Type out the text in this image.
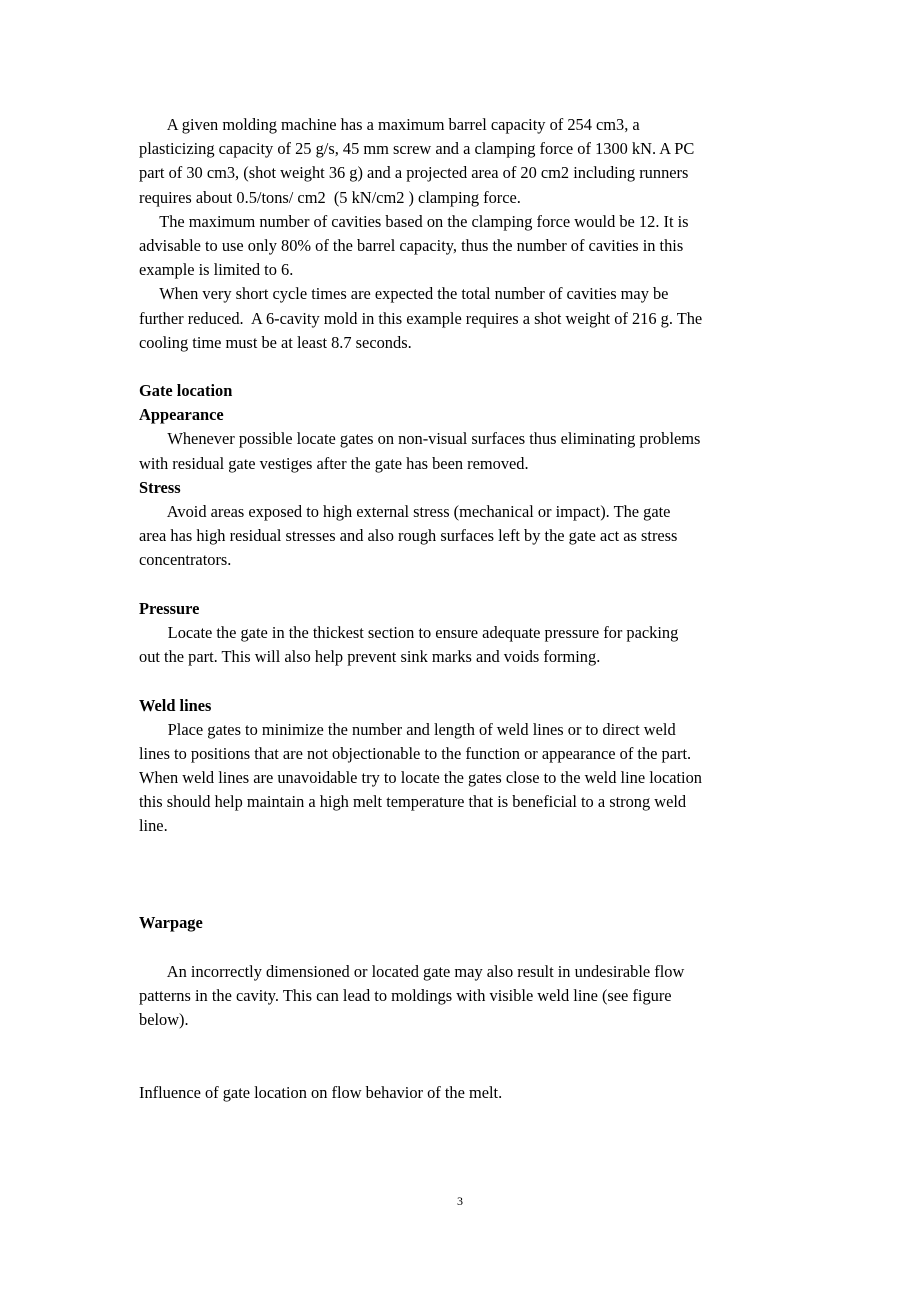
A given molding machine has a maximum barrel capacity of 254 cm3, a
plasticizing capacity of 25 g/s, 45 mm screw and a clamping force of 1300 kN. A PC
part of 30 cm3, (shot weight 36 g) and a projected area of 20 cm2 including runners
requires about 0.5/tons/ cm2  (5 kN/cm2 ) clamping force.
The maximum number of cavities based on the clamping force would be 12. It is
advisable to use only 80% of the barrel capacity, thus the number of cavities in this
example is limited to 6.
When very short cycle times are expected the total number of cavities may be
further reduced.  A 6-cavity mold in this example requires a shot weight of 216 g. The
cooling time must be at least 8.7 seconds.
Gate location
Appearance
Whenever possible locate gates on non-visual surfaces thus eliminating problems
with residual gate vestiges after the gate has been removed.
Stress
Avoid areas exposed to high external stress (mechanical or impact). The gate
area has high residual stresses and also rough surfaces left by the gate act as stress
concentrators.
Pressure
Locate the gate in the thickest section to ensure adequate pressure for packing
out the part. This will also help prevent sink marks and voids forming.
Weld lines
Place gates to minimize the number and length of weld lines or to direct weld
lines to positions that are not objectionable to the function or appearance of the part.
When weld lines are unavoidable try to locate the gates close to the weld line location
this should help maintain a high melt temperature that is beneficial to a strong weld
line.
Warpage
An incorrectly dimensioned or located gate may also result in undesirable flow
patterns in the cavity. This can lead to moldings with visible weld line (see figure
below).
Influence of gate location on flow behavior of the melt.
3
